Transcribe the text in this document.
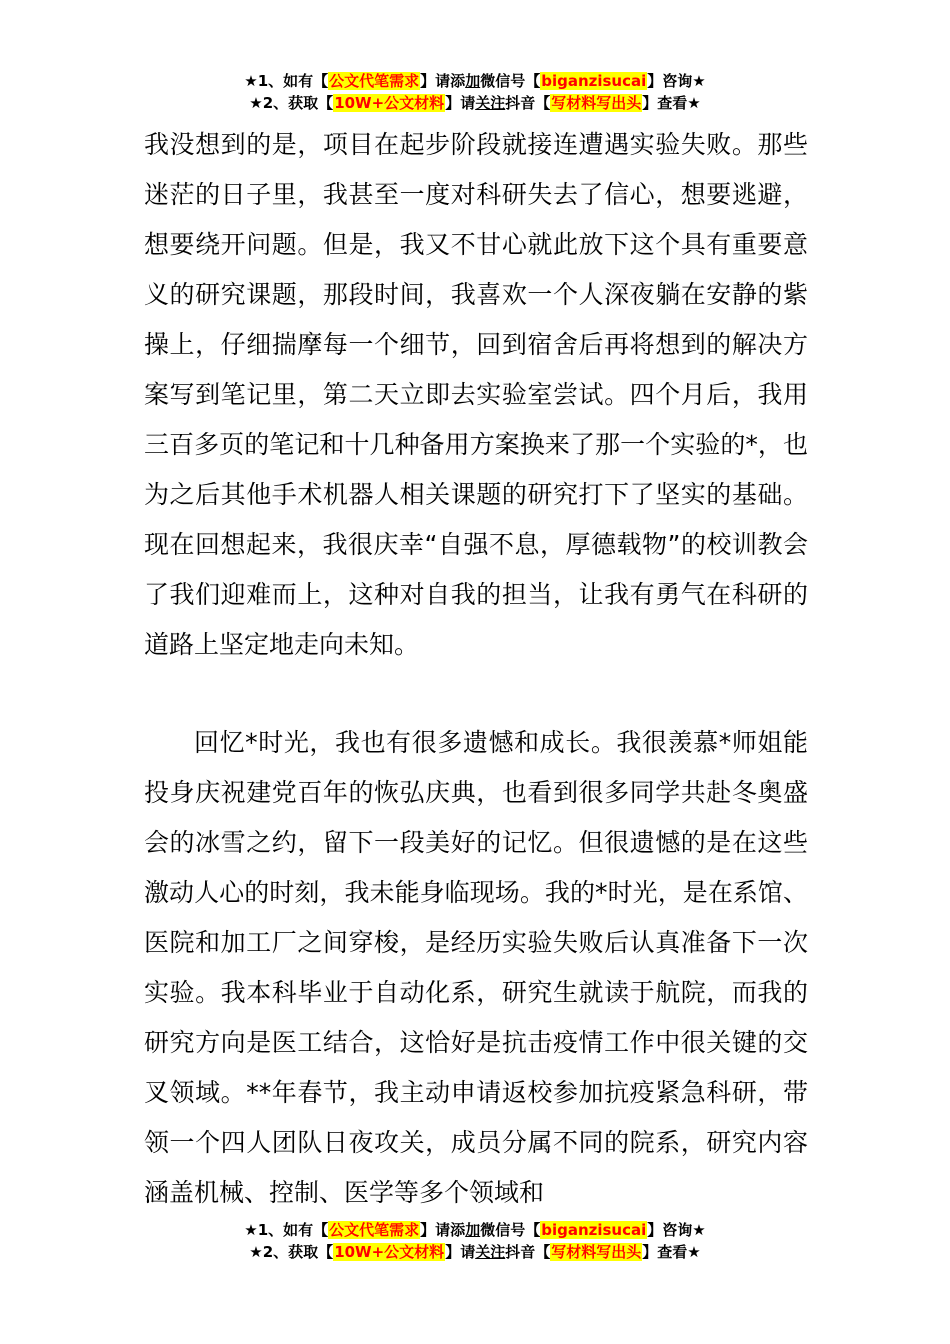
★1、如有【公文代笔需求】请添加微信号【biganzisucai】咨询★
★2、获取【10W+公文材料】请关注抖音【写材料写出头】查看★

我没想到的是，项目在起步阶段就接连遭遇实验失败。那些迷茫的日子里，我甚至一度对科研失去了信心，想要逃避，想要绕开问题。但是，我又不甘心就此放下这个具有重要意义的研究课题，那段时间，我喜欢一个人深夜躺在安静的紫操上，仔细揣摩每一个细节，回到宿舍后再将想到的解决方案写到笔记里，第二天立即去实验室尝试。四个月后，我用三百多页的笔记和十几种备用方案换来了那一个实验的*，也为之后其他手术机器人相关课题的研究打下了坚实的基础。现在回想起来，我很庆幸“自强不息，厚德载物”的校训教会了我们迎难而上，这种对自我的担当，让我有勇气在科研的道路上坚定地走向未知。

回忆*时光，我也有很多遗憾和成长。我很羡慕*师姐能投身庆祝建党百年的恢弘庆典，也看到很多同学共赴冬奥盛会的冰雪之约，留下一段美好的记忆。但很遗憾的是在这些激动人心的时刻，我未能身临现场。我的*时光，是在系馆、医院和加工厂之间穿梭，是经历实验失败后认真准备下一次实验。我本科毕业于自动化系，研究生就读于航院，而我的研究方向是医工结合，这恰好是抗击疫情工作中很关键的交叉领域。**年春节，我主动申请返校参加抗疫紧急科研，带领一个四人团队日夜攻关，成员分属不同的院系，研究内容涵盖机械、控制、医学等多个领域和

★1、如有【公文代笔需求】请添加微信号【biganzisucai】咨询★
★2、获取【10W+公文材料】请关注抖音【写材料写出头】查看★
